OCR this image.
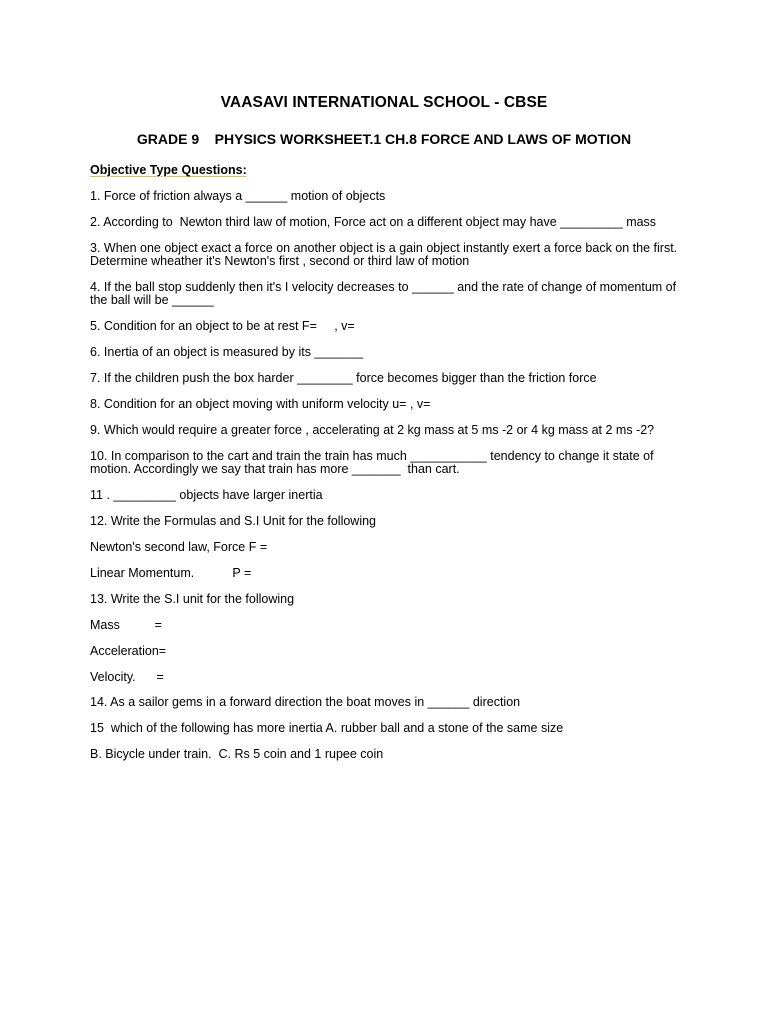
VAASAVI INTERNATIONAL SCHOOL - CBSE
GRADE 9    PHYSICS WORKSHEET.1 CH.8 FORCE AND LAWS OF MOTION
Objective Type Questions:
1. Force of friction always a ______ motion of objects
2. According to  Newton third law of motion, Force act on a different object may have _________ mass
3. When one object exact a force on another object is a gain object instantly exert a force back on the first. Determine wheather it's Newton's first , second or third law of motion
4. If the ball stop suddenly then it's I velocity decreases to ______ and the rate of change of momentum of the ball will be ______
5. Condition for an object to be at rest F=     , v=
6. Inertia of an object is measured by its _______
7. If the children push the box harder ________ force becomes bigger than the friction force
8. Condition for an object moving with uniform velocity u= , v=
9. Which would require a greater force , accelerating at 2 kg mass at 5 ms -2 or 4 kg mass at 2 ms -2?
10. In comparison to the cart and train the train has much ___________ tendency to change it state of motion. Accordingly we say that train has more _______  than cart.
11 . _________ objects have larger inertia
12. Write the Formulas and S.I Unit for the following
Newton's second law, Force F =
Linear Momentum.           P =
13. Write the S.I unit for the following
Mass          =
Acceleration=
Velocity.      =
14. As a sailor gems in a forward direction the boat moves in ______ direction
15  which of the following has more inertia A. rubber ball and a stone of the same size
B. Bicycle under train.  C. Rs 5 coin and 1 rupee coin
